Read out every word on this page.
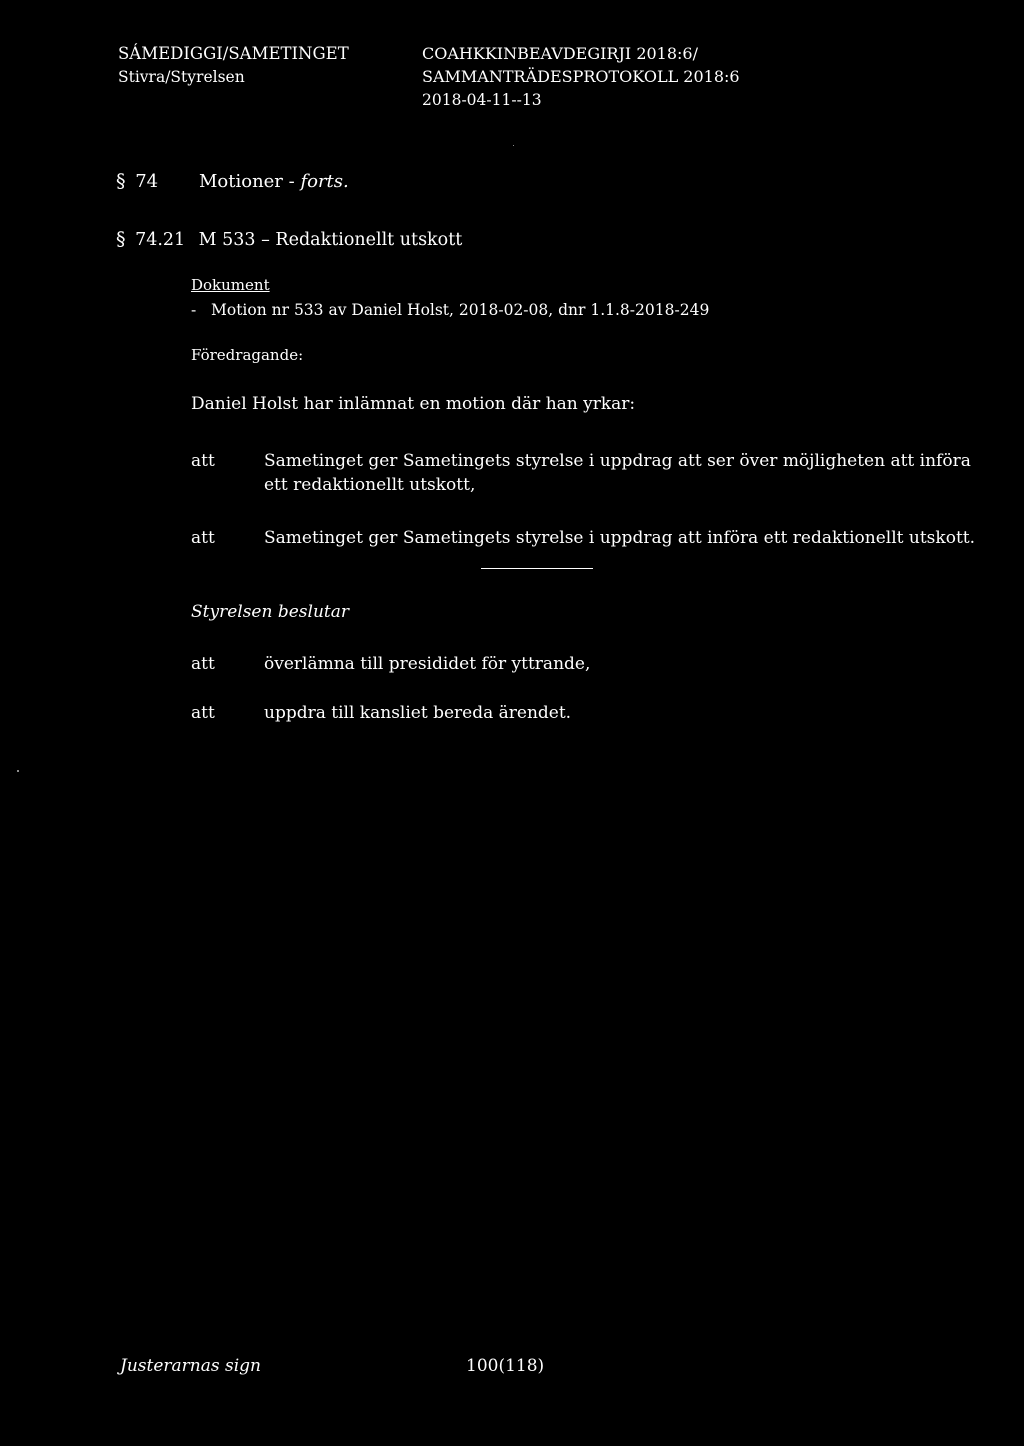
SÁMEDIGGI/SAMETINGET
Stivra/Styrelsen
COAHKKINBEAVDEGIRJI 2018:6/
SAMMANTRÄDESPROTOKOLL 2018:6
2018-04-11--13
§ 74 Motioner - forts.
§ 74.21 M 533 – Redaktionellt utskott
Dokument
- Motion nr 533 av Daniel Holst, 2018-02-08, dnr 1.1.8-2018-249
Föredragande:
Daniel Holst har inlämnat en motion där han yrkar:
att	Sametinget ger Sametingets styrelse i uppdrag att ser över möjligheten att införa
ett redaktionellt utskott,
att	Sametinget ger Sametingets styrelse i uppdrag att införa ett redaktionellt utskott.
Styrelsen beslutar
att	överlämna till presididet för yttrande,
att	uppdra till kansliet bereda ärendet.
Justerarnas sign	100(118)
